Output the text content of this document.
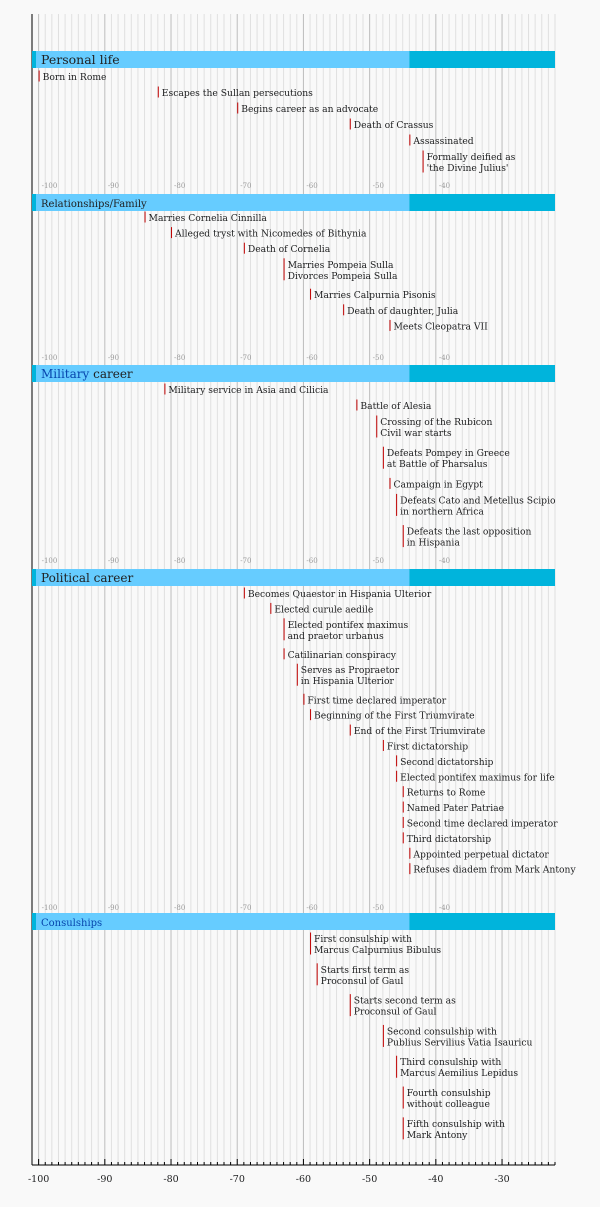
Personal life
Born in Rome
Escapes the Sullan persecutions
Begins career as an advocate
Death of Crassus
Assassinated
Formally deified as
'the Divine Julius'
-100	-90	-80	-70	-60	-50	-40
Relationships/Family
Marries Cornelia Cinnilla
Alleged tryst with Nicomedes of Bithynia
Death of Cornelia
Marries Pompeia Sulla
Divorces Pompeia Sulla
Marries Calpurnia Pisonis
Death of daughter, Julia
Meets Cleopatra VII
-100	-90	-80	-70	-60	-50	-40
Military career
Military service in Asia and Cilicia
Battle of Alesia
Crossing of the Rubicon
Civil war starts
Defeats Pompey in Greece
at Battle of Pharsalus
Campaign in Egypt
Defeats Cato and Metellus Scipio
in northern Africa
Defeats the last opposition
in Hispania
-100	-90	-80	-70	-60	-50	-40
Political career
Becomes Quaestor in Hispania Ulterior
Elected curule aedile
Elected pontifex maximus
and praetor urbanus
Catilinarian conspiracy
Serves as Propraetor
in Hispania Ulterior
First time declared imperator
Beginning of the First Triumvirate
End of the First Triumvirate
First dictatorship
Second dictatorship
Elected pontifex maximus for life
Returns to Rome
Named Pater Patriae
Second time declared imperator
Third dictatorship
Appointed perpetual dictator
Refuses diadem from Mark Antony
-100	-90	-80	-70	-60	-50	-40
Consulships
First consulship with
Marcus Calpurnius Bibulus
Starts first term as
Proconsul of Gaul
Starts second term as
Proconsul of Gaul
Second consulship with
Publius Servilius Vatia Isauricu
Third consulship with
Marcus Aemilius Lepidus
Fourth consulship
without colleague
Fifth consulship with
Mark Antony
-100	-90	-80	-70	-60	-50	-40	-30
